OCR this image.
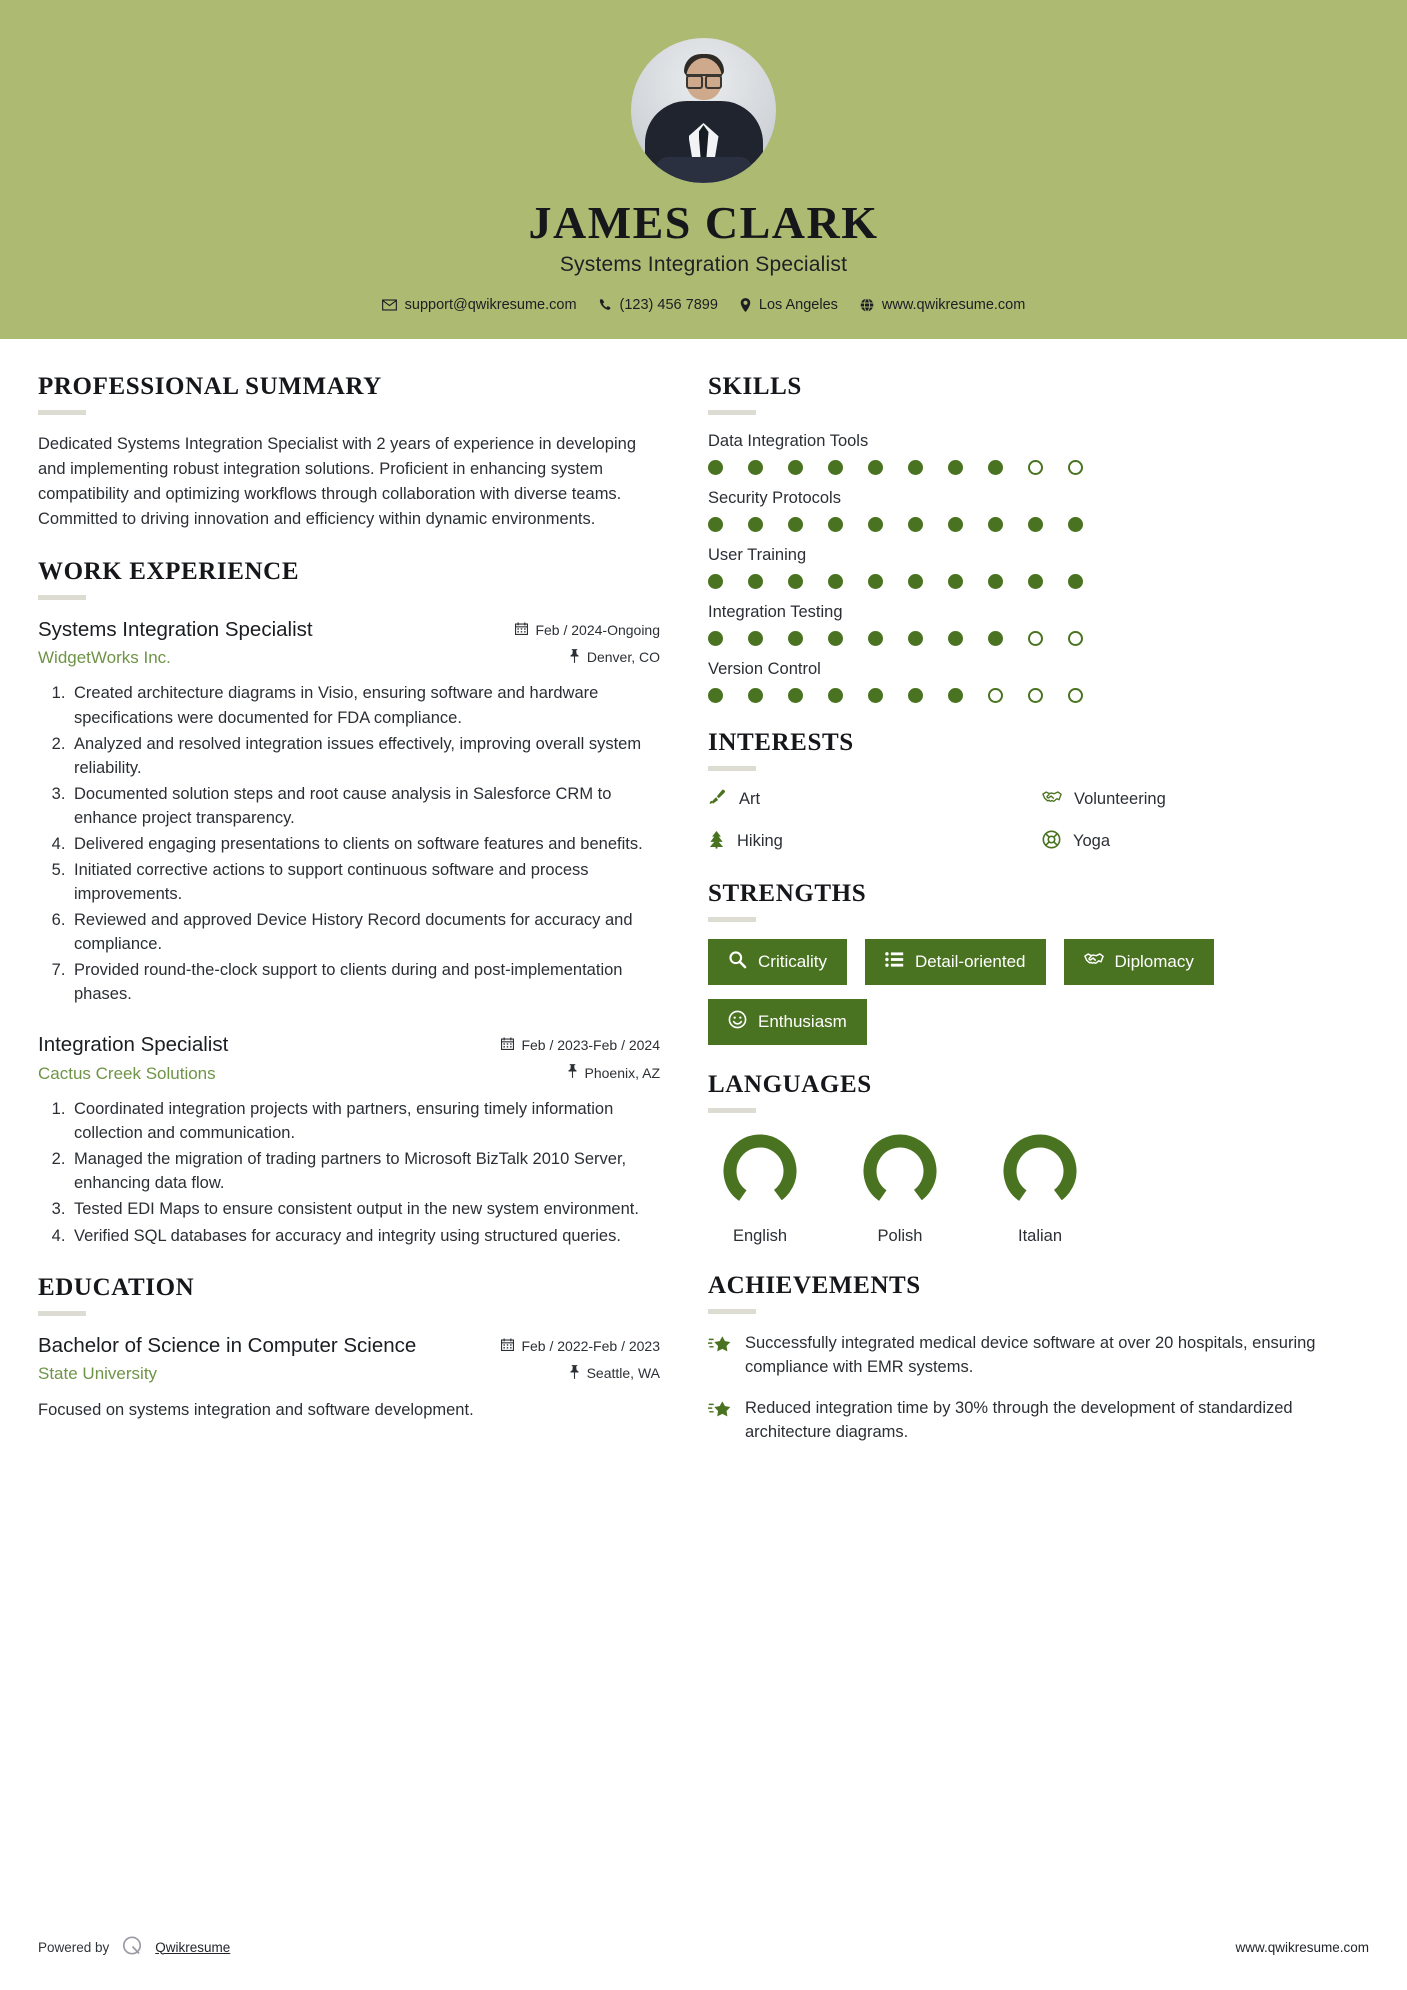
JAMES CLARK
Systems Integration Specialist
support@qwikresume.com	(123) 456 7899	Los Angeles	www.qwikresume.com
PROFESSIONAL SUMMARY
Dedicated Systems Integration Specialist with 2 years of experience in developing and implementing robust integration solutions. Proficient in enhancing system compatibility and optimizing workflows through collaboration with diverse teams. Committed to driving innovation and efficiency within dynamic environments.
WORK EXPERIENCE
Systems Integration Specialist
WidgetWorks Inc.
Feb / 2024-Ongoing
Denver, CO
1. Created architecture diagrams in Visio, ensuring software and hardware specifications were documented for FDA compliance.
2. Analyzed and resolved integration issues effectively, improving overall system reliability.
3. Documented solution steps and root cause analysis in Salesforce CRM to enhance project transparency.
4. Delivered engaging presentations to clients on software features and benefits.
5. Initiated corrective actions to support continuous software and process improvements.
6. Reviewed and approved Device History Record documents for accuracy and compliance.
7. Provided round-the-clock support to clients during and post-implementation phases.
Integration Specialist
Cactus Creek Solutions
Feb / 2023-Feb / 2024
Phoenix, AZ
1. Coordinated integration projects with partners, ensuring timely information collection and communication.
2. Managed the migration of trading partners to Microsoft BizTalk 2010 Server, enhancing data flow.
3. Tested EDI Maps to ensure consistent output in the new system environment.
4. Verified SQL databases for accuracy and integrity using structured queries.
EDUCATION
Bachelor of Science in Computer Science
State University
Feb / 2022-Feb / 2023
Seattle, WA
Focused on systems integration and software development.
SKILLS
Data Integration Tools
Security Protocols
User Training
Integration Testing
Version Control
INTERESTS
Art	Volunteering
Hiking	Yoga
STRENGTHS
Criticality	Detail-oriented	Diplomacy
Enthusiasm
LANGUAGES
English	Polish	Italian
ACHIEVEMENTS
Successfully integrated medical device software at over 20 hospitals, ensuring compliance with EMR systems.
Reduced integration time by 30% through the development of standardized architecture diagrams.
Powered by	Qwikresume	www.qwikresume.com
